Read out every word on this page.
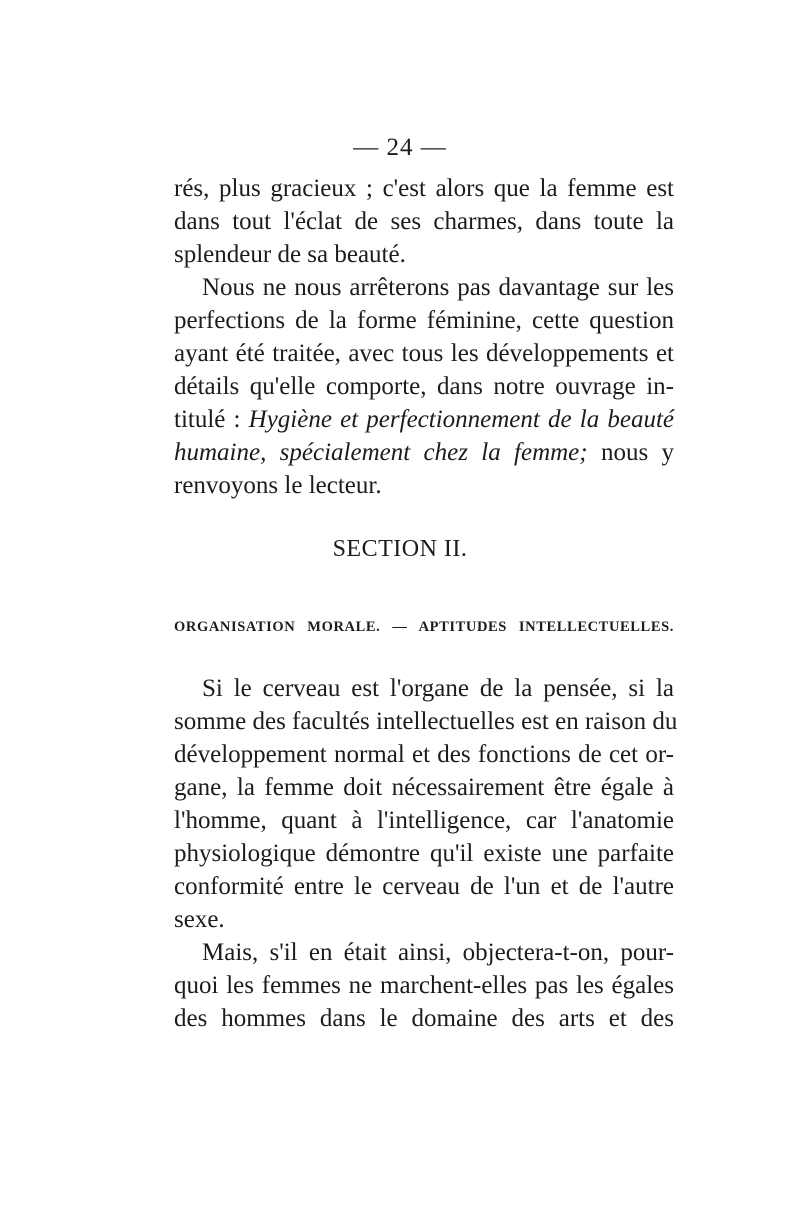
— 24 —
rés, plus gracieux ; c'est alors que la femme est
dans tout l'éclat de ses charmes, dans toute la
splendeur de sa beauté.
Nous ne nous arrêterons pas davantage sur les
perfections de la forme féminine, cette question
ayant été traitée, avec tous les développements et
détails qu'elle comporte, dans notre ouvrage in-
titulé : Hygiène et perfectionnement de la beauté
humaine, spécialement chez la femme; nous y
renvoyons le lecteur.
SECTION II.
ORGANISATION MORALE. — APTITUDES INTELLECTUELLES.
Si le cerveau est l'organe de la pensée, si la
somme des facultés intellectuelles est en raison du
développement normal et des fonctions de cet or-
gane, la femme doit nécessairement être égale à
l'homme, quant à l'intelligence, car l'anatomie
physiologique démontre qu'il existe une parfaite
conformité entre le cerveau de l'un et de l'autre
sexe.
Mais, s'il en était ainsi, objectera-t-on, pour-
quoi les femmes ne marchent-elles pas les égales
des hommes dans le domaine des arts et des
